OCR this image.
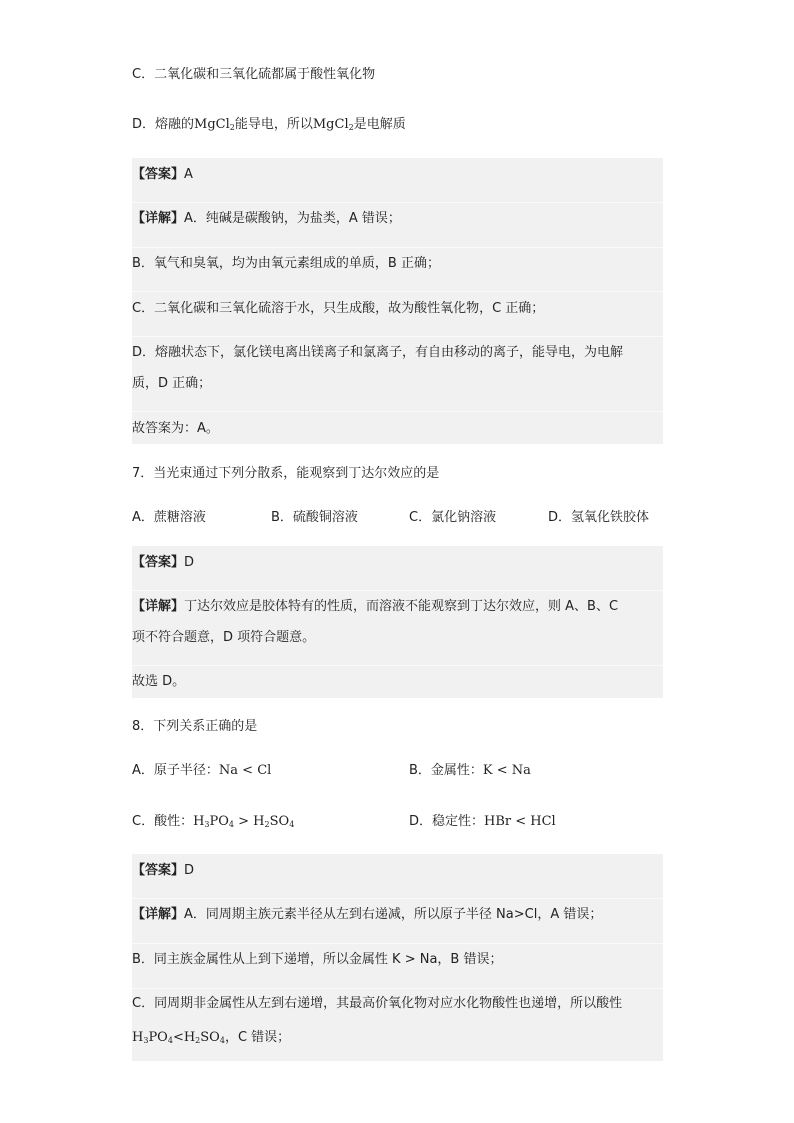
C．二氧化碳和三氧化硫都属于酸性氧化物
D．熔融的MgCl$_2$能导电，所以MgCl$_2$是电解质
【答案】A
【详解】A．纯碱是碳酸钠，为盐类，A 错误；
B．氧气和臭氧，均为由氧元素组成的单质，B 正确；
C．二氧化碳和三氧化硫溶于水，只生成酸，故为酸性氧化物，C 正确；
D．熔融状态下，氯化镁电离出镁离子和氯离子，有自由移动的离子，能导电，为电解
质，D 正确；
故答案为：A。
7．当光束通过下列分散系，能观察到丁达尔效应的是
A．蔗糖溶液	B．硫酸铜溶液	C．氯化钠溶液	D．氢氧化铁胶体
【答案】D
【详解】丁达尔效应是胶体特有的性质，而溶液不能观察到丁达尔效应，则 A、B、C
项不符合题意，D 项符合题意。
故选 D。
8．下列关系正确的是
A．原子半径：Na < Cl	B．金属性：K < Na
C．酸性：$H_3PO_4 > H_2SO_4$	D．稳定性：HBr < HCl
【答案】D
【详解】A．同周期主族元素半径从左到右递减，所以原子半径 Na>Cl，A 错误；
B．同主族金属性从上到下递增，所以金属性 K > Na，B 错误；
C．同周期非金属性从左到右递增，其最高价氧化物对应水化物酸性也递增，所以酸性
$H_3PO_4<H_2SO_4$，C 错误；
